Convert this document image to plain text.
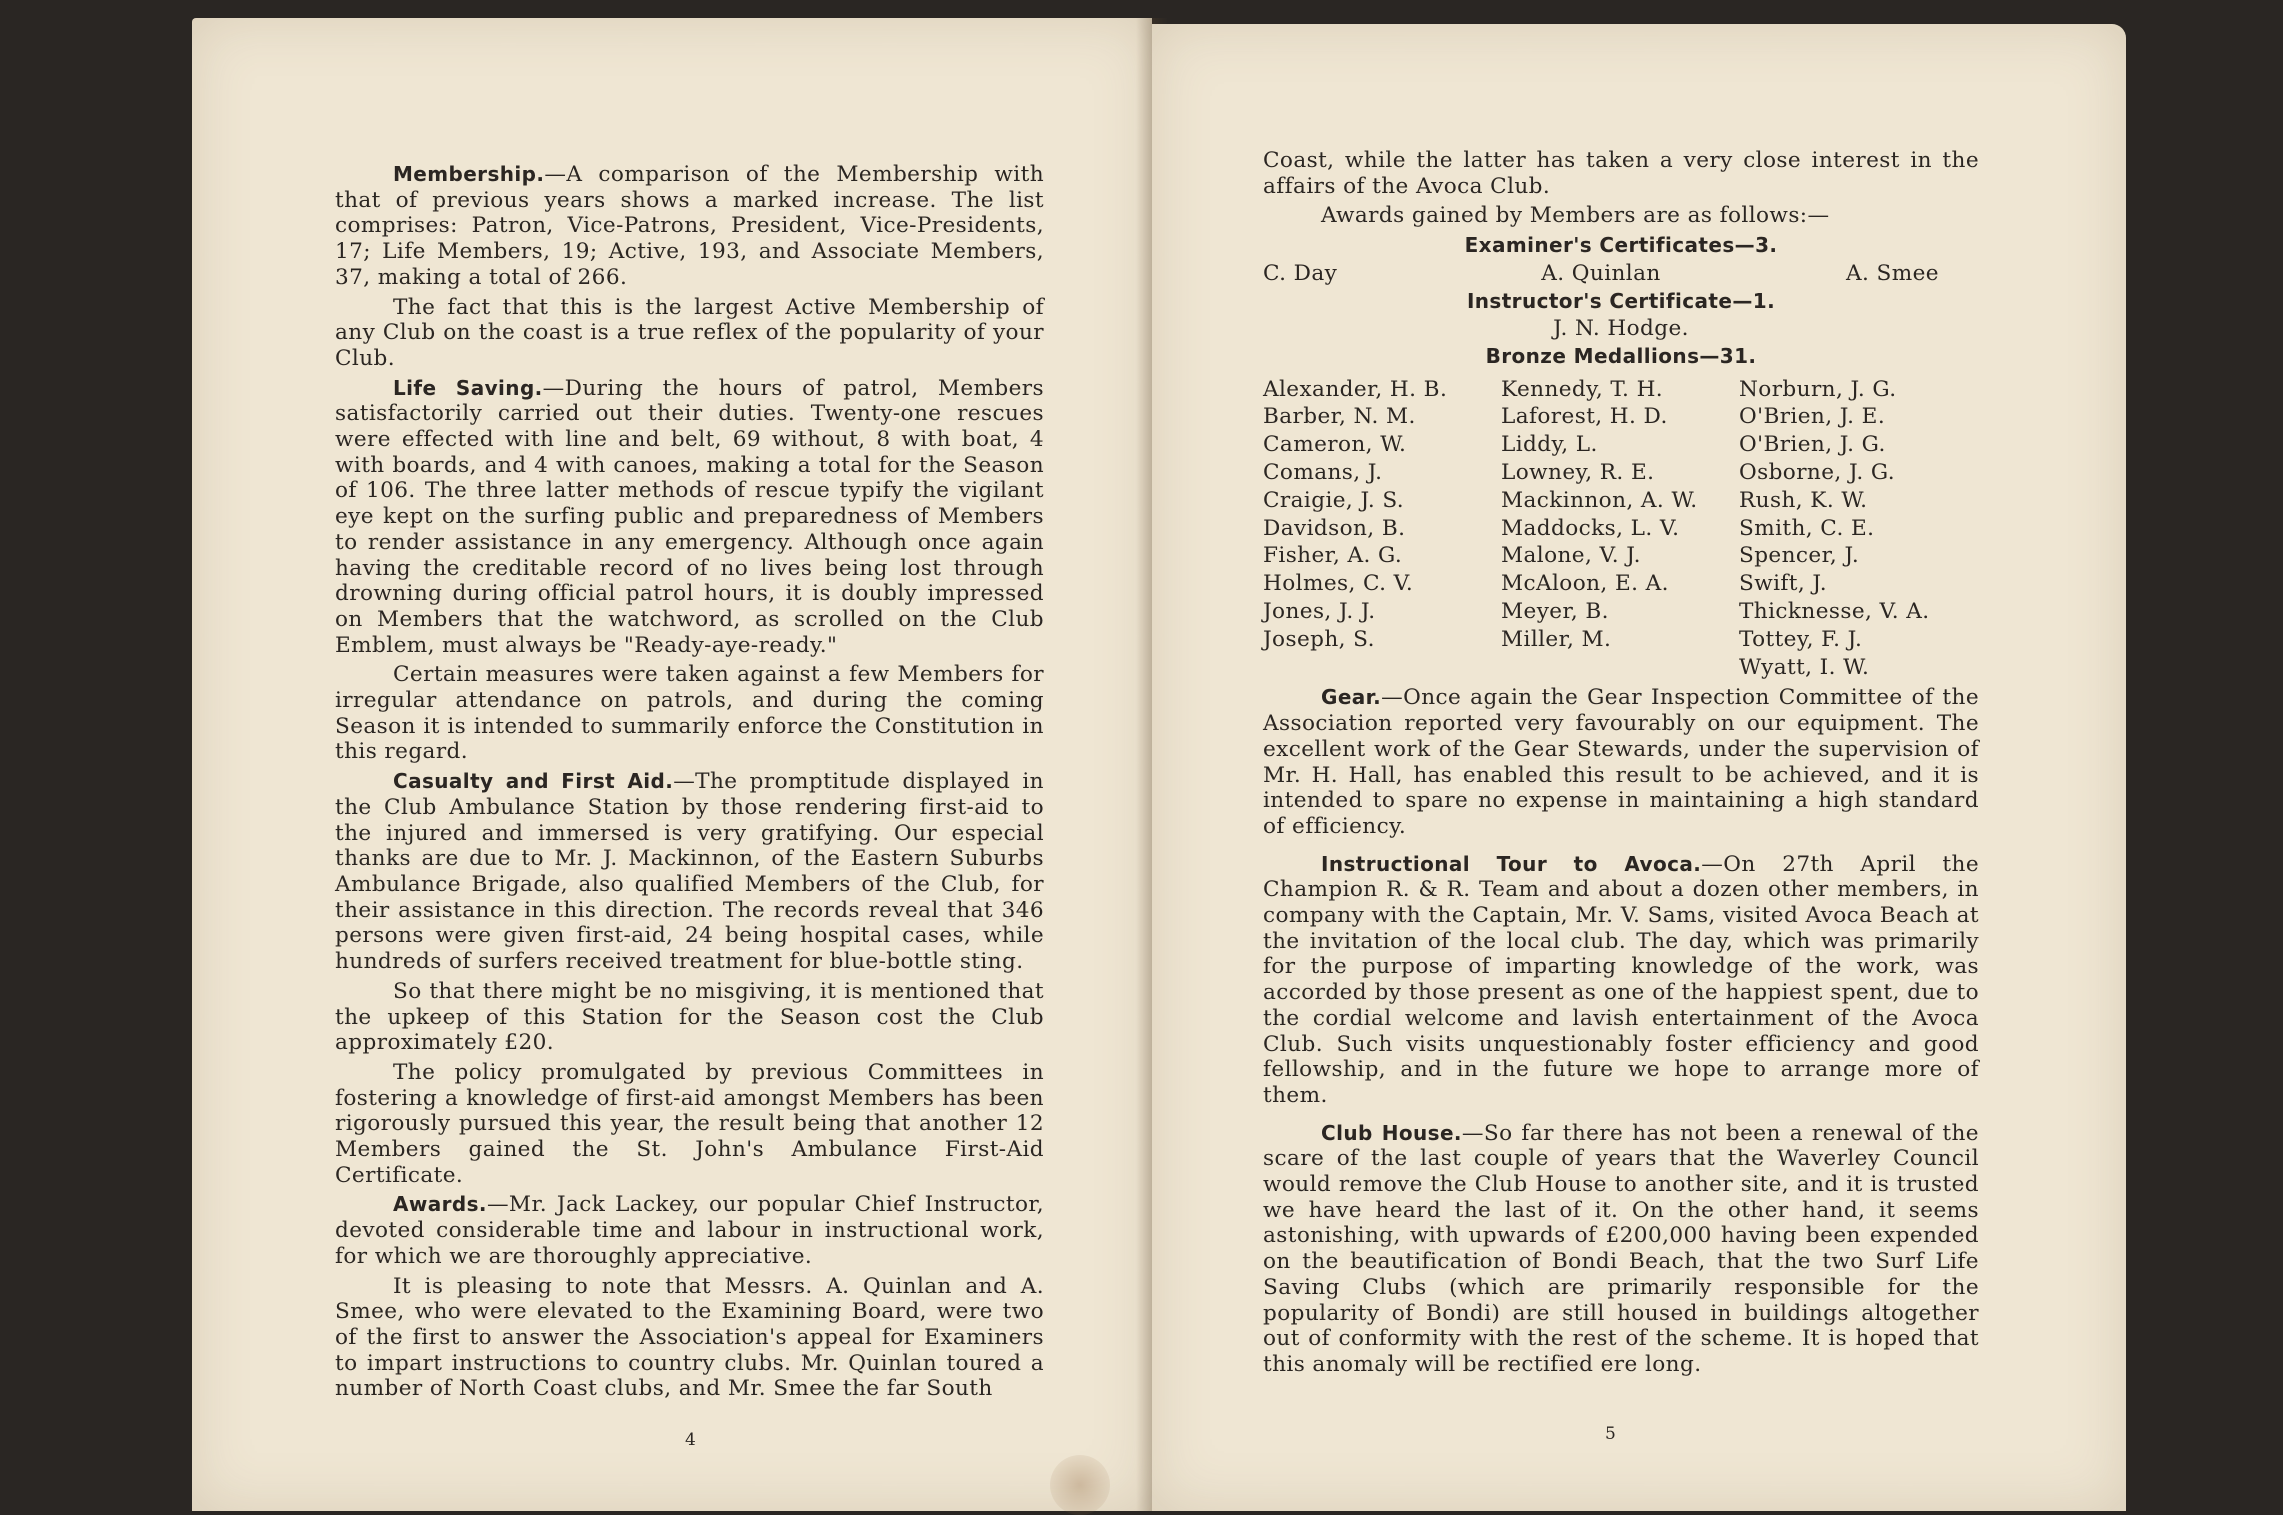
Membership.—A comparison of the Membership with that of previous years shows a marked increase. The list comprises: Patron, Vice-Patrons, President, Vice-Presidents, 17; Life Members, 19; Active, 193, and Associate Members, 37, making a total of 266.

The fact that this is the largest Active Membership of any Club on the coast is a true reflex of the popularity of your Club.

Life Saving.—During the hours of patrol, Members satisfactorily carried out their duties. Twenty-one rescues were effected with line and belt, 69 without, 8 with boat, 4 with boards, and 4 with canoes, making a total for the Season of 106. The three latter methods of rescue typify the vigilant eye kept on the surfing public and preparedness of Members to render assistance in any emergency. Although once again having the creditable record of no lives being lost through drowning during official patrol hours, it is doubly impressed on Members that the watchword, as scrolled on the Club Emblem, must always be "Ready-aye-ready."

Certain measures were taken against a few Members for irregular attendance on patrols, and during the coming Season it is intended to summarily enforce the Constitution in this regard.

Casualty and First Aid.—The promptitude displayed in the Club Ambulance Station by those rendering first-aid to the injured and immersed is very gratifying. Our especial thanks are due to Mr. J. Mackinnon, of the Eastern Suburbs Ambulance Brigade, also qualified Members of the Club, for their assistance in this direction. The records reveal that 346 persons were given first-aid, 24 being hospital cases, while hundreds of surfers received treatment for blue-bottle sting.

So that there might be no misgiving, it is mentioned that the upkeep of this Station for the Season cost the Club approximately £20.

The policy promulgated by previous Committees in fostering a knowledge of first-aid amongst Members has been rigorously pursued this year, the result being that another 12 Members gained the St. John's Ambulance First-Aid Certificate.

Awards.—Mr. Jack Lackey, our popular Chief Instructor, devoted considerable time and labour in instructional work, for which we are thoroughly appreciative.

It is pleasing to note that Messrs. A. Quinlan and A. Smee, who were elevated to the Examining Board, were two of the first to answer the Association's appeal for Examiners to impart instructions to country clubs. Mr. Quinlan toured a number of North Coast clubs, and Mr. Smee the far South

4

Coast, while the latter has taken a very close interest in the affairs of the Avoca Club.

Awards gained by Members are as follows:—

Examiner's Certificates—3.
C. Day	A. Quinlan	A. Smee
Instructor's Certificate—1.
J. N. Hodge.
Bronze Medallions—31.
Alexander, H. B.
Barber, N. M.
Cameron, W.
Comans, J.
Craigie, J. S.
Davidson, B.
Fisher, A. G.
Holmes, C. V.
Jones, J. J.
Joseph, S.
Kennedy, T. H.
Laforest, H. D.
Liddy, L.
Lowney, R. E.
Mackinnon, A. W.
Maddocks, L. V.
Malone, V. J.
McAloon, E. A.
Meyer, B.
Miller, M.
Norburn, J. G.
O'Brien, J. E.
O'Brien, J. G.
Osborne, J. G.
Rush, K. W.
Smith, C. E.
Spencer, J.
Swift, J.
Thicknesse, V. A.
Tottey, F. J.
Wyatt, I. W.

Gear.—Once again the Gear Inspection Committee of the Association reported very favourably on our equipment. The excellent work of the Gear Stewards, under the supervision of Mr. H. Hall, has enabled this result to be achieved, and it is intended to spare no expense in maintaining a high standard of efficiency.

Instructional Tour to Avoca.—On 27th April the Champion R. & R. Team and about a dozen other members, in company with the Captain, Mr. V. Sams, visited Avoca Beach at the invitation of the local club. The day, which was primarily for the purpose of imparting knowledge of the work, was accorded by those present as one of the happiest spent, due to the cordial welcome and lavish entertainment of the Avoca Club. Such visits unquestionably foster efficiency and good fellowship, and in the future we hope to arrange more of them.

Club House.—So far there has not been a renewal of the scare of the last couple of years that the Waverley Council would remove the Club House to another site, and it is trusted we have heard the last of it. On the other hand, it seems astonishing, with upwards of £200,000 having been expended on the beautification of Bondi Beach, that the two Surf Life Saving Clubs (which are primarily responsible for the popularity of Bondi) are still housed in buildings altogether out of conformity with the rest of the scheme. It is hoped that this anomaly will be rectified ere long.

5
